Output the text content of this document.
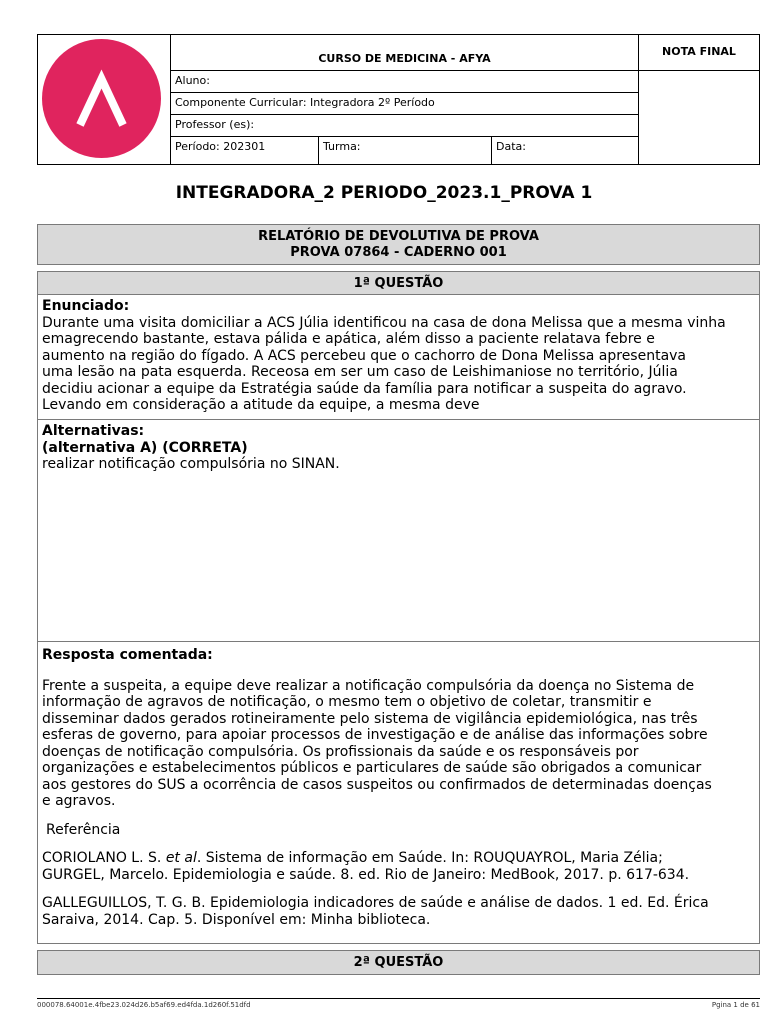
CURSO DE MEDICINA - AFYA
NOTA FINAL
Aluno:
Componente Curricular: Integradora 2º Período
Professor (es):
Período: 202301	Turma:	Data:
INTEGRADORA_2 PERIODO_2023.1_PROVA 1
RELATÓRIO DE DEVOLUTIVA DE PROVA
PROVA 07864 - CADERNO 001
1ª QUESTÃO
Enunciado:
Durante uma visita domiciliar a ACS Júlia identificou na casa de dona Melissa que a mesma vinha
emagrecendo bastante, estava pálida e apática, além disso a paciente relatava febre e
aumento na região do fígado. A ACS percebeu que o cachorro de Dona Melissa apresentava
uma lesão na pata esquerda. Receosa em ser um caso de Leishimaniose no território, Júlia
decidiu acionar a equipe da Estratégia saúde da família para notificar a suspeita do agravo.
Levando em consideração a atitude da equipe, a mesma deve
Alternativas:
(alternativa A) (CORRETA)
realizar notificação compulsória no SINAN.
Resposta comentada:
Frente a suspeita, a equipe deve realizar a notificação compulsória da doença no Sistema de
informação de agravos de notificação, o mesmo tem o objetivo de coletar, transmitir e
disseminar dados gerados rotineiramente pelo sistema de vigilância epidemiológica, nas três
esferas de governo, para apoiar processos de investigação e de análise das informações sobre
doenças de notificação compulsória. Os profissionais da saúde e os responsáveis por
organizações e estabelecimentos públicos e particulares de saúde são obrigados a comunicar
aos gestores do SUS a ocorrência de casos suspeitos ou confirmados de determinadas doenças
e agravos.
Referência
CORIOLANO L. S. et al. Sistema de informação em Saúde. In: ROUQUAYROL, Maria Zélia;
GURGEL, Marcelo. Epidemiologia e saúde. 8. ed. Rio de Janeiro: MedBook, 2017. p. 617-634.
GALLEGUILLOS, T. G. B. Epidemiologia indicadores de saúde e análise de dados. 1 ed. Ed. Érica
Saraiva, 2014. Cap. 5. Disponível em: Minha biblioteca.
2ª QUESTÃO
000078.64001e.4fbe23.024d26.b5af69.ed4fda.1d260f.51dfd	Pgina 1 de 61
